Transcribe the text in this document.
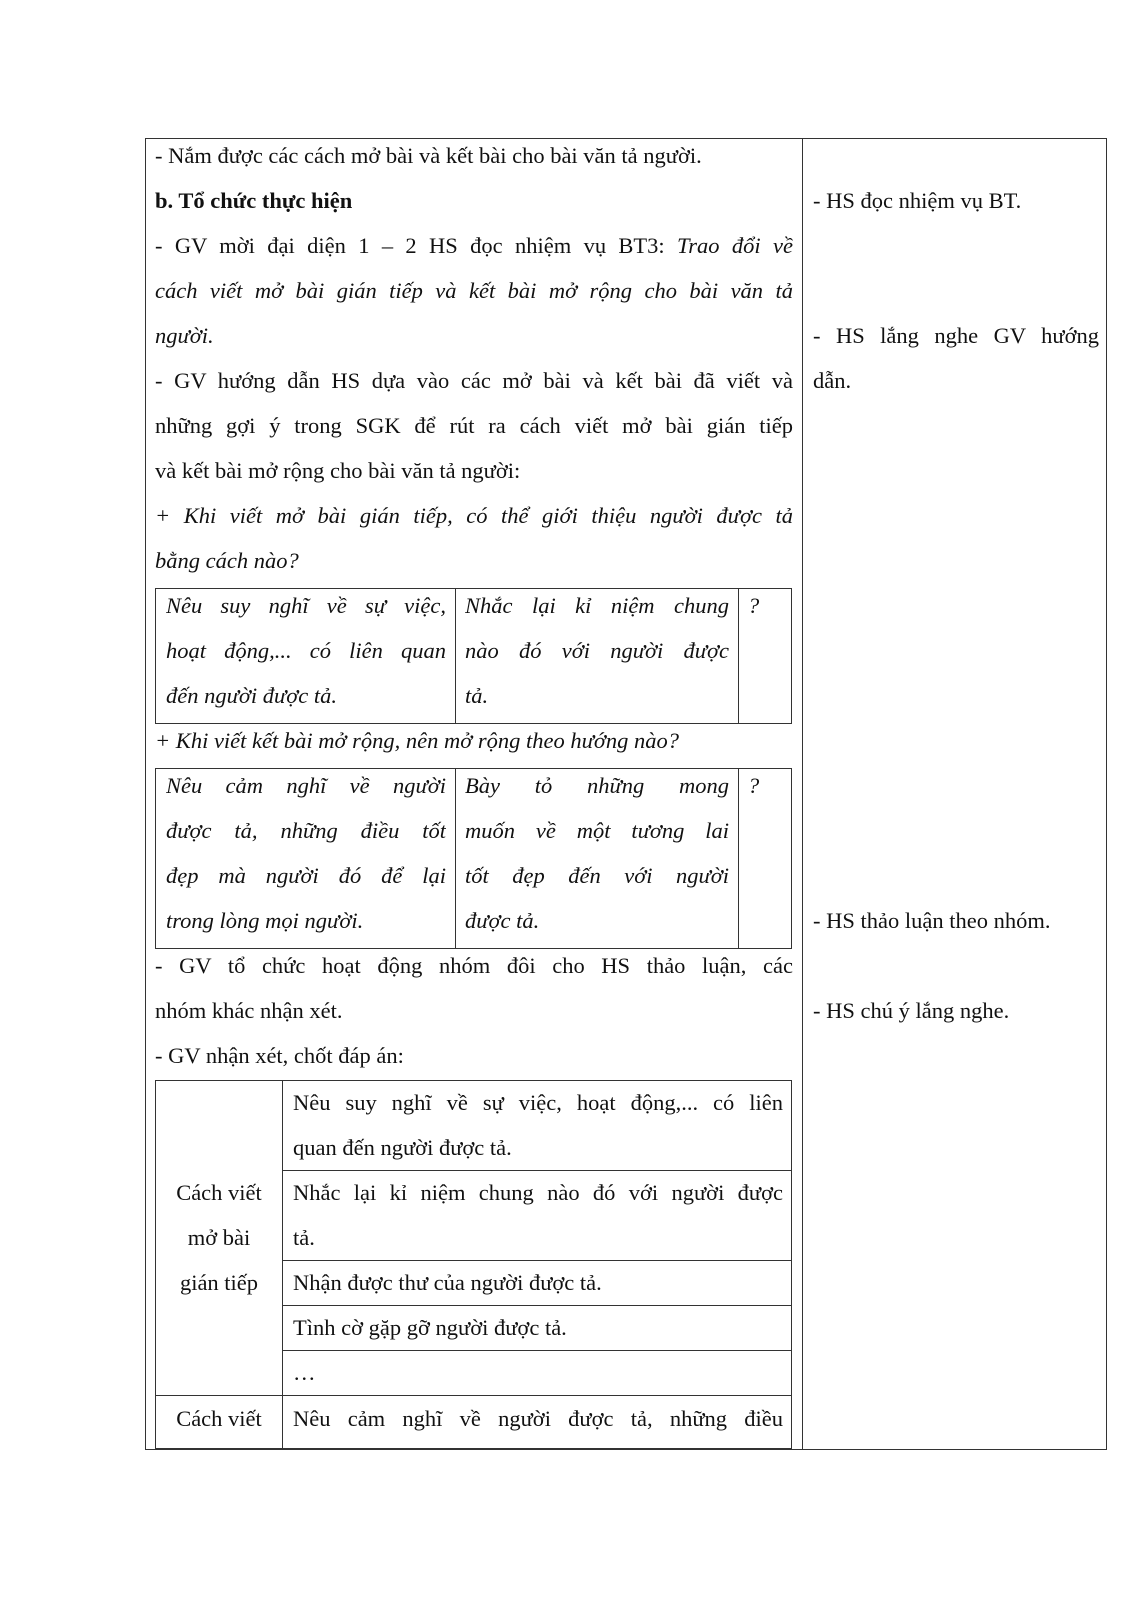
- Nắm được các cách mở bài và kết bài cho bài văn tả người.
b. Tổ chức thực hiện
- GV mời đại diện 1 – 2 HS đọc nhiệm vụ BT3: Trao đổi về
cách viết mở bài gián tiếp và kết bài mở rộng cho bài văn tả
người.
- GV hướng dẫn HS dựa vào các mở bài và kết bài đã viết và
những gợi ý trong SGK để rút ra cách viết mở bài gián tiếp
và kết bài mở rộng cho bài văn tả người:
+ Khi viết mở bài gián tiếp, có thể giới thiệu người được tả
bằng cách nào?
Nêu suy nghĩ về sự việc,
hoạt động,... có liên quan
đến người được tả.
Nhắc lại kỉ niệm chung
nào đó với người được
tả.
?
+ Khi viết kết bài mở rộng, nên mở rộng theo hướng nào?
Nêu cảm nghĩ về người
được tả, những điều tốt
đẹp mà người đó để lại
trong lòng mọi người.
Bày tỏ những mong
muốn về một tương lai
tốt đẹp đến với người
được tả.
?
- GV tổ chức hoạt động nhóm đôi cho HS thảo luận, các
nhóm khác nhận xét.
- GV nhận xét, chốt đáp án:
Cách viết
mở bài
gián tiếp
Nêu suy nghĩ về sự việc, hoạt động,... có liên
quan đến người được tả.
Nhắc lại kỉ niệm chung nào đó với người được
tả.
Nhận được thư của người được tả.
Tình cờ gặp gỡ người được tả.
…
Cách viết	Nêu cảm nghĩ về người được tả, những điều
- HS đọc nhiệm vụ BT.
- HS lắng nghe GV hướng
dẫn.
- HS thảo luận theo nhóm.
- HS chú ý lắng nghe.
